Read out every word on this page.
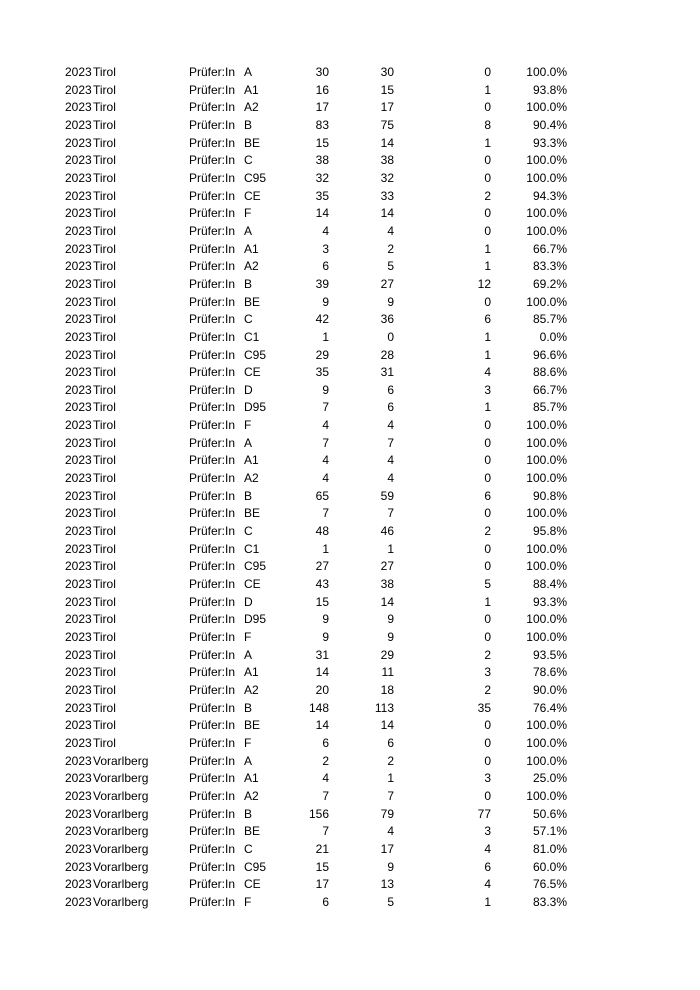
2023 Tirol	Prüfer:In A	30	30	0	100.0%
2023 Tirol	Prüfer:In A1	16	15	1	93.8%
2023 Tirol	Prüfer:In A2	17	17	0	100.0%
2023 Tirol	Prüfer:In B	83	75	8	90.4%
2023 Tirol	Prüfer:In BE	15	14	1	93.3%
2023 Tirol	Prüfer:In C	38	38	0	100.0%
2023 Tirol	Prüfer:In C95	32	32	0	100.0%
2023 Tirol	Prüfer:In CE	35	33	2	94.3%
2023 Tirol	Prüfer:In F	14	14	0	100.0%
2023 Tirol	Prüfer:In A	4	4	0	100.0%
2023 Tirol	Prüfer:In A1	3	2	1	66.7%
2023 Tirol	Prüfer:In A2	6	5	1	83.3%
2023 Tirol	Prüfer:In B	39	27	12	69.2%
2023 Tirol	Prüfer:In BE	9	9	0	100.0%
2023 Tirol	Prüfer:In C	42	36	6	85.7%
2023 Tirol	Prüfer:In C1	1	0	1	0.0%
2023 Tirol	Prüfer:In C95	29	28	1	96.6%
2023 Tirol	Prüfer:In CE	35	31	4	88.6%
2023 Tirol	Prüfer:In D	9	6	3	66.7%
2023 Tirol	Prüfer:In D95	7	6	1	85.7%
2023 Tirol	Prüfer:In F	4	4	0	100.0%
2023 Tirol	Prüfer:In A	7	7	0	100.0%
2023 Tirol	Prüfer:In A1	4	4	0	100.0%
2023 Tirol	Prüfer:In A2	4	4	0	100.0%
2023 Tirol	Prüfer:In B	65	59	6	90.8%
2023 Tirol	Prüfer:In BE	7	7	0	100.0%
2023 Tirol	Prüfer:In C	48	46	2	95.8%
2023 Tirol	Prüfer:In C1	1	1	0	100.0%
2023 Tirol	Prüfer:In C95	27	27	0	100.0%
2023 Tirol	Prüfer:In CE	43	38	5	88.4%
2023 Tirol	Prüfer:In D	15	14	1	93.3%
2023 Tirol	Prüfer:In D95	9	9	0	100.0%
2023 Tirol	Prüfer:In F	9	9	0	100.0%
2023 Tirol	Prüfer:In A	31	29	2	93.5%
2023 Tirol	Prüfer:In A1	14	11	3	78.6%
2023 Tirol	Prüfer:In A2	20	18	2	90.0%
2023 Tirol	Prüfer:In B	148	113	35	76.4%
2023 Tirol	Prüfer:In BE	14	14	0	100.0%
2023 Tirol	Prüfer:In F	6	6	0	100.0%
2023 Vorarlberg	Prüfer:In A	2	2	0	100.0%
2023 Vorarlberg	Prüfer:In A1	4	1	3	25.0%
2023 Vorarlberg	Prüfer:In A2	7	7	0	100.0%
2023 Vorarlberg	Prüfer:In B	156	79	77	50.6%
2023 Vorarlberg	Prüfer:In BE	7	4	3	57.1%
2023 Vorarlberg	Prüfer:In C	21	17	4	81.0%
2023 Vorarlberg	Prüfer:In C95	15	9	6	60.0%
2023 Vorarlberg	Prüfer:In CE	17	13	4	76.5%
2023 Vorarlberg	Prüfer:In F	6	5	1	83.3%
